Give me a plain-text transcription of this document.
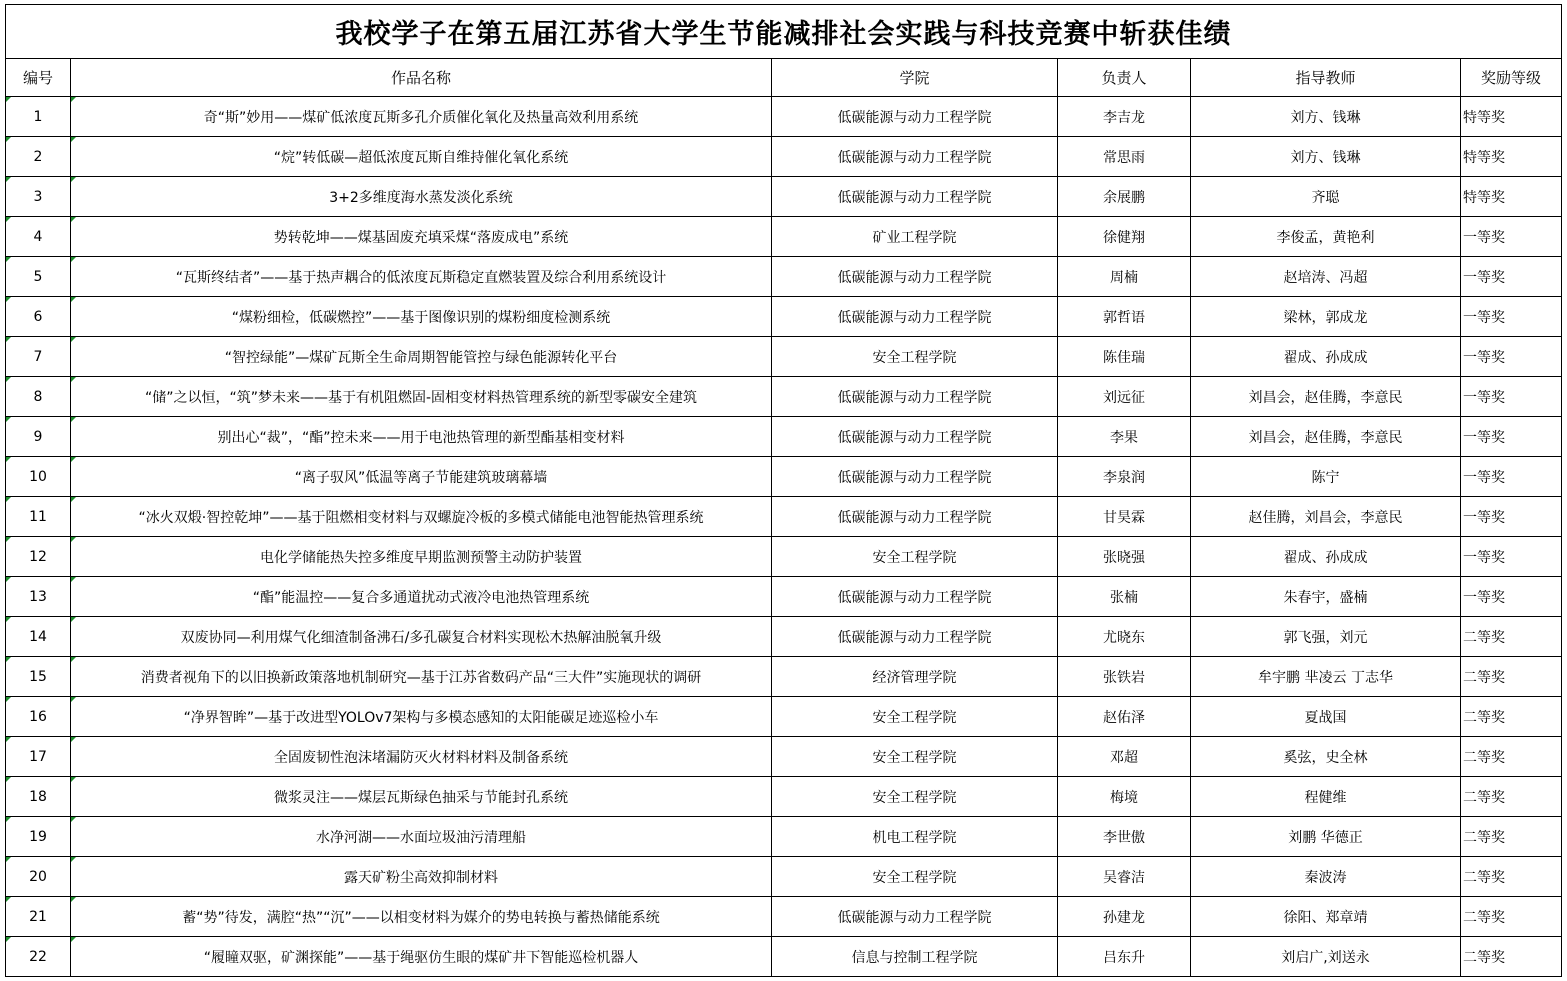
我校学子在第五届江苏省大学生节能减排社会实践与科技竞赛中斩获佳绩					
编号	作品名称	学院	负责人	指导教师	奖励等级
1	奇“斯”妙用——煤矿低浓度瓦斯多孔介质催化氧化及热量高效利用系统	低碳能源与动力工程学院	李吉龙	刘方、钱琳	特等奖
2	“烷”转低碳—超低浓度瓦斯自维持催化氧化系统	低碳能源与动力工程学院	常思雨	刘方、钱琳	特等奖
3	3+2多维度海水蒸发淡化系统	低碳能源与动力工程学院	余展鹏	齐聪	特等奖
4	势转乾坤——煤基固废充填采煤“落废成电”系统	矿业工程学院	徐健翔	李俊孟，黄艳利	一等奖
5	“瓦斯终结者”——基于热声耦合的低浓度瓦斯稳定直燃装置及综合利用系统设计	低碳能源与动力工程学院	周楠	赵培涛、冯超	一等奖
6	“煤粉细检，低碳燃控”——基于图像识别的煤粉细度检测系统	低碳能源与动力工程学院	郭哲语	梁林，郭成龙	一等奖
7	“智控绿能”—煤矿瓦斯全生命周期智能管控与绿色能源转化平台	安全工程学院	陈佳瑞	翟成、孙成成	一等奖
8	“储”之以恒，“筑”梦未来——基于有机阻燃固-固相变材料热管理系统的新型零碳安全建筑	低碳能源与动力工程学院	刘远征	刘昌会，赵佳腾，李意民	一等奖
9	别出心“裁”，“酯”控未来——用于电池热管理的新型酯基相变材料	低碳能源与动力工程学院	李果	刘昌会，赵佳腾，李意民	一等奖
10	“离子驭风”低温等离子节能建筑玻璃幕墙	低碳能源与动力工程学院	李泉润	陈宁	一等奖
11	“冰火双煅·智控乾坤”——基于阻燃相变材料与双螺旋冷板的多模式储能电池智能热管理系统	低碳能源与动力工程学院	甘昊霖	赵佳腾，刘昌会，李意民	一等奖
12	电化学储能热失控多维度早期监测预警主动防护装置	安全工程学院	张晓强	翟成、孙成成	一等奖
13	“酯”能温控——复合多通道扰动式液冷电池热管理系统	低碳能源与动力工程学院	张楠	朱春宇，盛楠	一等奖
14	双废协同—利用煤气化细渣制备沸石/多孔碳复合材料实现松木热解油脱氧升级	低碳能源与动力工程学院	尤晓东	郭飞强，刘元	二等奖
15	消费者视角下的以旧换新政策落地机制研究—基于江苏省数码产品“三大件”实施现状的调研	经济管理学院	张铁岩	牟宇鹏 芈凌云 丁志华	二等奖
16	“净界智眸”—基于改进型YOLOv7架构与多模态感知的太阳能碳足迹巡检小车	安全工程学院	赵佑泽	夏战国	二等奖
17	全固废韧性泡沫堵漏防灭火材料材料及制备系统	安全工程学院	邓超	奚弦，史全林	二等奖
18	微浆灵注——煤层瓦斯绿色抽采与节能封孔系统	安全工程学院	梅境	程健维	二等奖
19	水净河湖——水面垃圾油污清理船	机电工程学院	李世傲	刘鹏 华德正	二等奖
20	露天矿粉尘高效抑制材料	安全工程学院	吴睿洁	秦波涛	二等奖
21	蓄“势”待发，满腔“热”“沉”——以相变材料为媒介的势电转换与蓄热储能系统	低碳能源与动力工程学院	孙建龙	徐阳、郑章靖	二等奖
22	“履瞳双驱，矿渊探能”——基于绳驱仿生眼的煤矿井下智能巡检机器人	信息与控制工程学院	吕东升	刘启广,刘送永	二等奖
